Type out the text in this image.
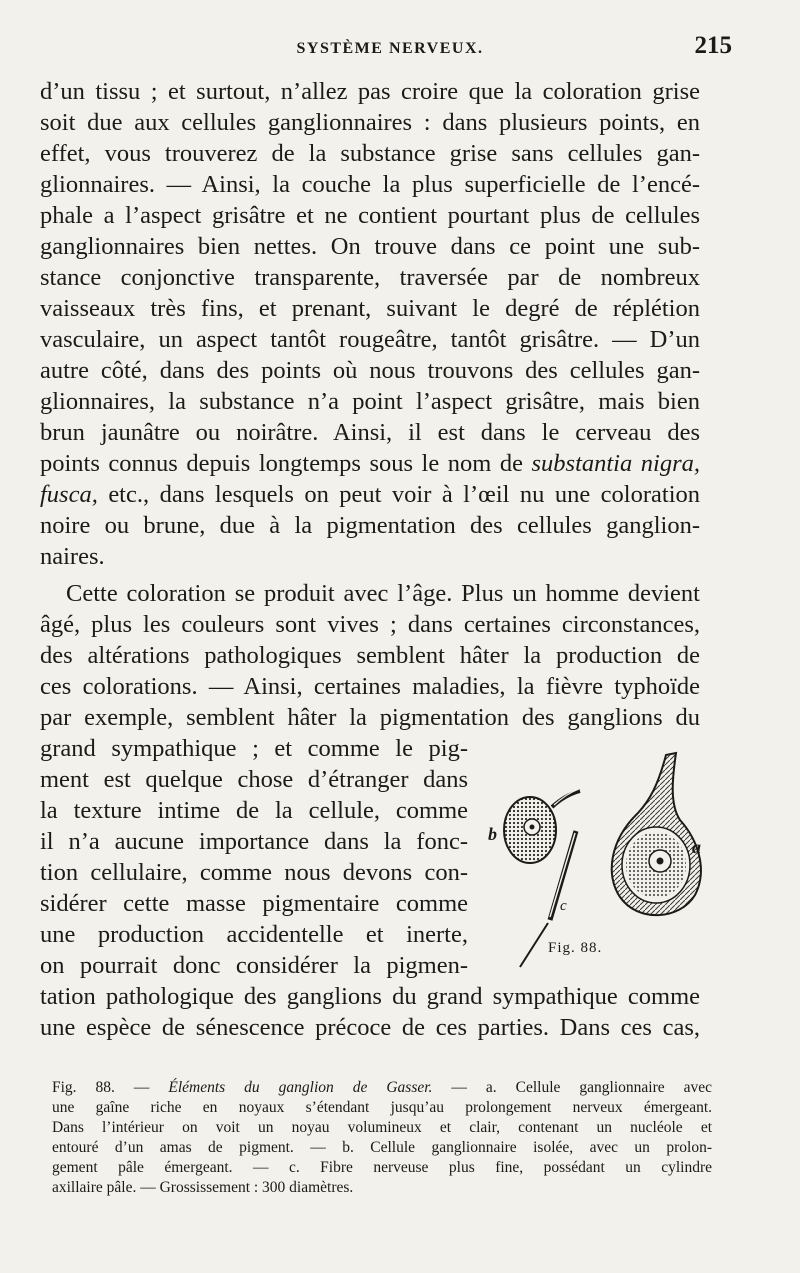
SYSTÈME NERVEUX.	215
d’un tissu ; et surtout, n’allez pas croire que la coloration grise
soit due aux cellules ganglionnaires : dans plusieurs points, en
effet, vous trouverez de la substance grise sans cellules gan-
glionnaires. — Ainsi, la couche la plus superficielle de l’encé-
phale a l’aspect grisâtre et ne contient pourtant plus de cellules
ganglionnaires bien nettes. On trouve dans ce point une sub-
stance conjonctive transparente, traversée par de nombreux
vaisseaux très fins, et prenant, suivant le degré de réplétion
vasculaire, un aspect tantôt rougeâtre, tantôt grisâtre. — D’un
autre côté, dans des points où nous trouvons des cellules gan-
glionnaires, la substance n’a point l’aspect grisâtre, mais bien
brun jaunâtre ou noirâtre. Ainsi, il est dans le cerveau des
points connus depuis longtemps sous le nom de substantia nigra,
fusca, etc., dans lesquels on peut voir à l’œil nu une coloration
noire ou brune, due à la pigmentation des cellules ganglion-
naires.
Cette coloration se produit avec l’âge. Plus un homme devient
âgé, plus les couleurs sont vives ; dans certaines circonstances,
des altérations pathologiques semblent hâter la production de
ces colorations. — Ainsi, certaines maladies, la fièvre typhoïde
par exemple, semblent hâter la pigmentation des ganglions du
grand sympathique ; et comme le pig-
ment est quelque chose d’étranger dans
la texture intime de la cellule, comme
il n’a aucune importance dans la fonc-
tion cellulaire, comme nous devons con-
sidérer cette masse pigmentaire comme
une production accidentelle et inerte,
on pourrait donc considérer la pigmen-
tation pathologique des ganglions du grand sympathique comme
une espèce de sénescence précoce de ces parties. Dans ces cas,
b
a
c
Fig. 88.
Fig. 88. — Éléments du ganglion de Gasser. — a. Cellule ganglionnaire avec
une gaîne riche en noyaux s’étendant jusqu’au prolongement nerveux émergeant.
Dans l’intérieur on voit un noyau volumineux et clair, contenant un nucléole et
entouré d’un amas de pigment. — b. Cellule ganglionnaire isolée, avec un prolon-
gement pâle émergeant. — c. Fibre nerveuse plus fine, possédant un cylindre
axillaire pâle. — Grossissement : 300 diamètres.
